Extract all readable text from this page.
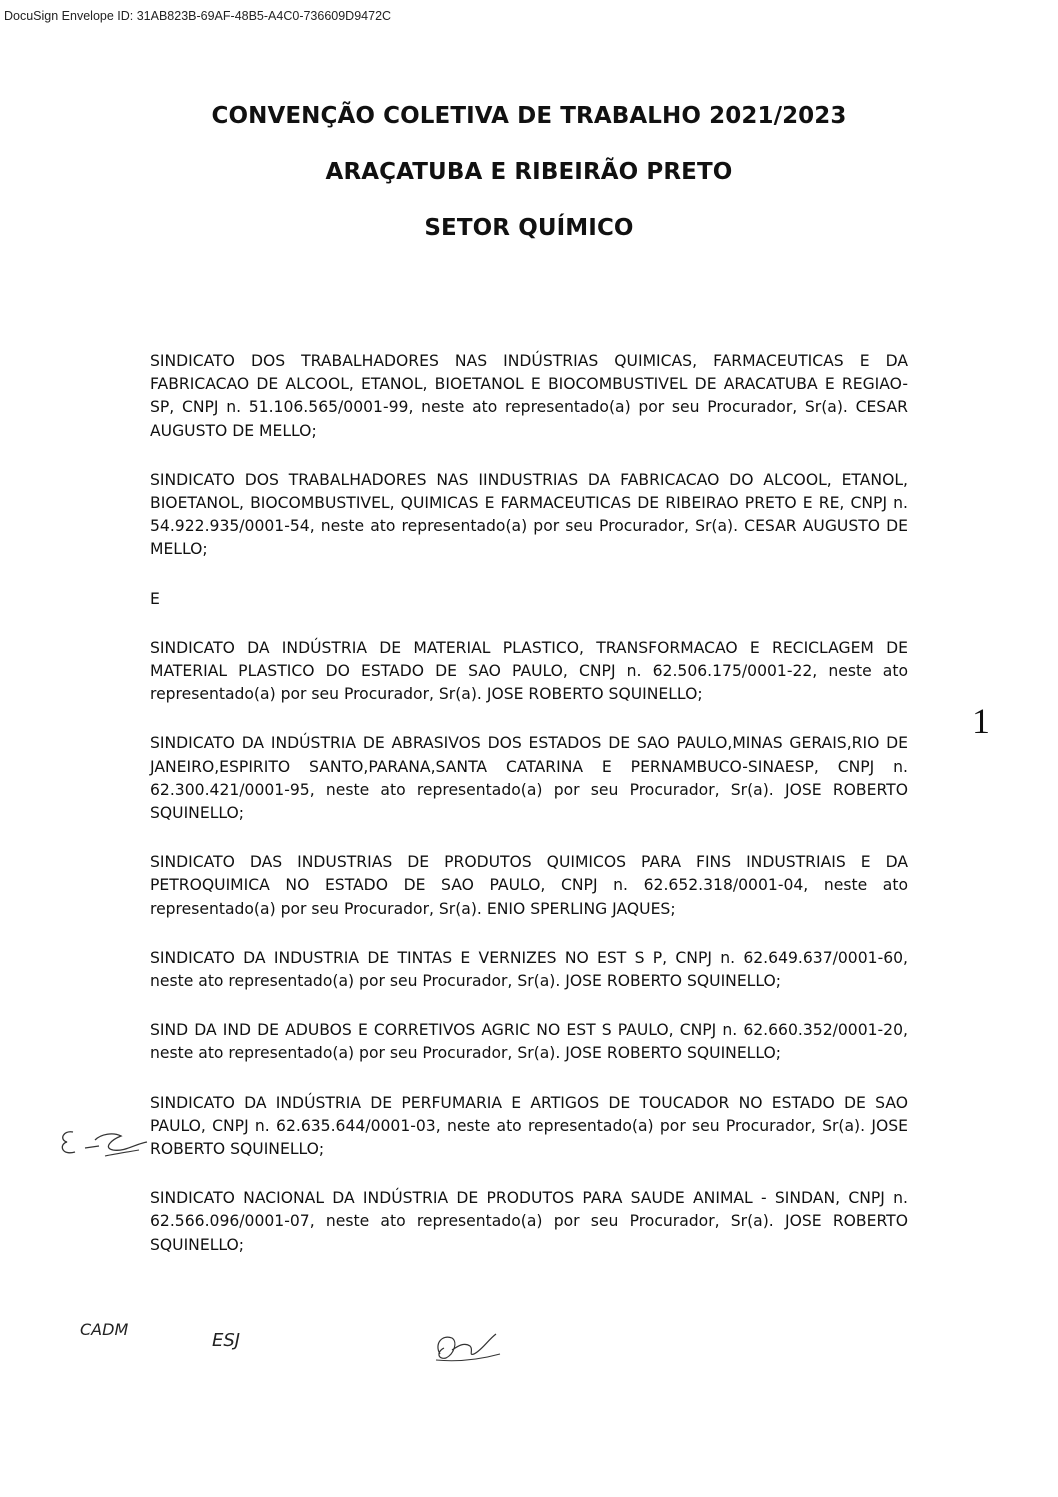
DocuSign Envelope ID: 31AB823B-69AF-48B5-A4C0-736609D9472C
CONVENÇÃO COLETIVA DE TRABALHO 2021/2023
ARAÇATUBA E RIBEIRÃO PRETO
SETOR QUÍMICO

SINDICATO DOS TRABALHADORES NAS INDÚSTRIAS QUIMICAS, FARMACEUTICAS E DA FABRICACAO DE ALCOOL, ETANOL, BIOETANOL E BIOCOMBUSTIVEL DE ARACATUBA E REGIAO-SP, CNPJ n. 51.106.565/0001-99, neste ato representado(a) por seu Procurador, Sr(a). CESAR AUGUSTO DE MELLO;

SINDICATO DOS TRABALHADORES NAS IINDUSTRIAS DA FABRICACAO DO ALCOOL, ETANOL, BIOETANOL, BIOCOMBUSTIVEL, QUIMICAS E FARMACEUTICAS DE RIBEIRAO PRETO E RE, CNPJ n. 54.922.935/0001-54, neste ato representado(a) por seu Procurador, Sr(a). CESAR AUGUSTO DE MELLO;

E

SINDICATO DA INDÚSTRIA DE MATERIAL PLASTICO, TRANSFORMACAO E RECICLAGEM DE MATERIAL PLASTICO DO ESTADO DE SAO PAULO, CNPJ n. 62.506.175/0001-22, neste ato representado(a) por seu Procurador, Sr(a). JOSE ROBERTO SQUINELLO;

SINDICATO DA INDÚSTRIA DE ABRASIVOS DOS ESTADOS DE SAO PAULO,MINAS GERAIS,RIO DE JANEIRO,ESPIRITO SANTO,PARANA,SANTA CATARINA E PERNAMBUCO-SINAESP, CNPJ n. 62.300.421/0001-95, neste ato representado(a) por seu Procurador, Sr(a). JOSE ROBERTO SQUINELLO;

SINDICATO DAS INDUSTRIAS DE PRODUTOS QUIMICOS PARA FINS INDUSTRIAIS E DA PETROQUIMICA NO ESTADO DE SAO PAULO, CNPJ n. 62.652.318/0001-04, neste ato representado(a) por seu Procurador, Sr(a). ENIO SPERLING JAQUES;

SINDICATO DA INDUSTRIA DE TINTAS E VERNIZES NO EST S P, CNPJ n. 62.649.637/0001-60, neste ato representado(a) por seu Procurador, Sr(a). JOSE ROBERTO SQUINELLO;

SIND DA IND DE ADUBOS E CORRETIVOS AGRIC NO EST S PAULO, CNPJ n. 62.660.352/0001-20, neste ato representado(a) por seu Procurador, Sr(a). JOSE ROBERTO SQUINELLO;

SINDICATO DA INDÚSTRIA DE PERFUMARIA E ARTIGOS DE TOUCADOR NO ESTADO DE SAO PAULO, CNPJ n. 62.635.644/0001-03, neste ato representado(a) por seu Procurador, Sr(a). JOSE ROBERTO SQUINELLO;

SINDICATO NACIONAL DA INDÚSTRIA DE PRODUTOS PARA SAUDE ANIMAL - SINDAN, CNPJ n. 62.566.096/0001-07, neste ato representado(a) por seu Procurador, Sr(a). JOSE ROBERTO SQUINELLO;

1
CADM
ESJ
